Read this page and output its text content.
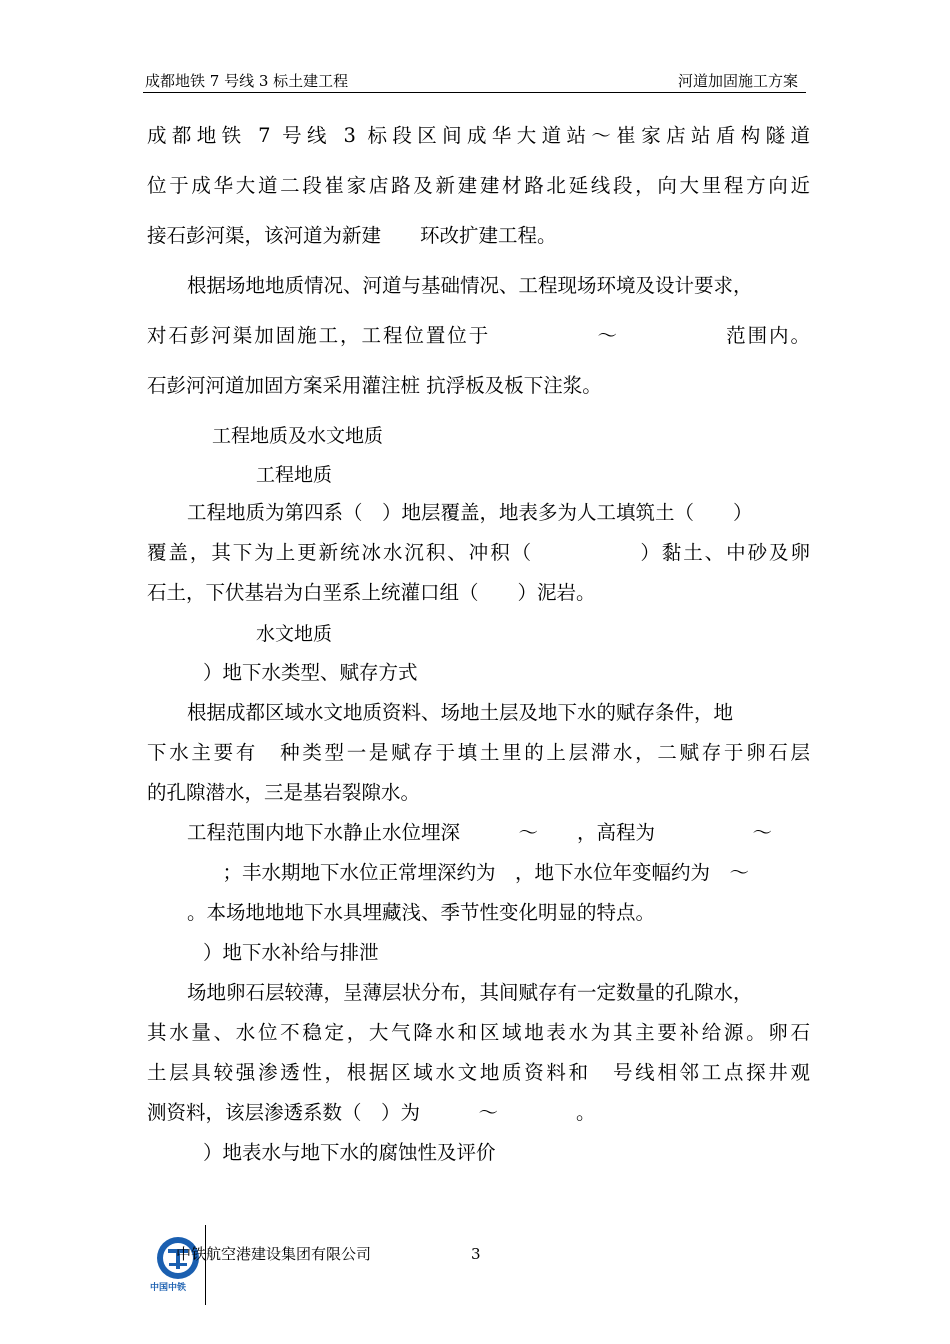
成都地铁 7 号线 3 标土建工程	河道加固施工方案
成都地铁 7 号线 3 标段区间成华大道站～崔家店站盾构隧道
位于成华大道二段崔家店路及新建建材路北延线段，向大里程方向近
接石彭河渠，该河道为新建　　环改扩建工程。
根据场地地质情况、河道与基础情况、工程现场环境及设计要求，
对石彭河渠加固施工，工程位置位于　　　　　～　　　　　范围内。
石彭河河道加固方案采用灌注桩 抗浮板及板下注浆。
工程地质及水文地质
工程地质
工程地质为第四系（　）地层覆盖，地表多为人工填筑土（　　）
覆盖，其下为上更新统冰水沉积、冲积（　　　　　）黏土、中砂及卵
石土，下伏基岩为白垩系上统灌口组（　　）泥岩。
水文地质
）地下水类型、赋存方式
根据成都区域水文地质资料、场地土层及地下水的赋存条件，地
下水主要有　种类型一是赋存于填土里的上层滞水，二赋存于卵石层
的孔隙潜水，三是基岩裂隙水。
工程范围内地下水静止水位埋深　　　～　　，高程为　　　　　～
　；丰水期地下水位正常埋深约为　，地下水位年变幅约为　～
。本场地地地下水具埋藏浅、季节性变化明显的特点。
）地下水补给与排泄
场地卵石层较薄，呈薄层状分布，其间赋存有一定数量的孔隙水，
其水量、水位不稳定，大气降水和区域地表水为其主要补给源。卵石
土层具较强渗透性，根据区域水文地质资料和　号线相邻工点探井观
测资料，该层渗透系数（　）为　　　～　　　　。
）地表水与地下水的腐蚀性及评价
中国中铁
中铁航空港建设集团有限公司	3
